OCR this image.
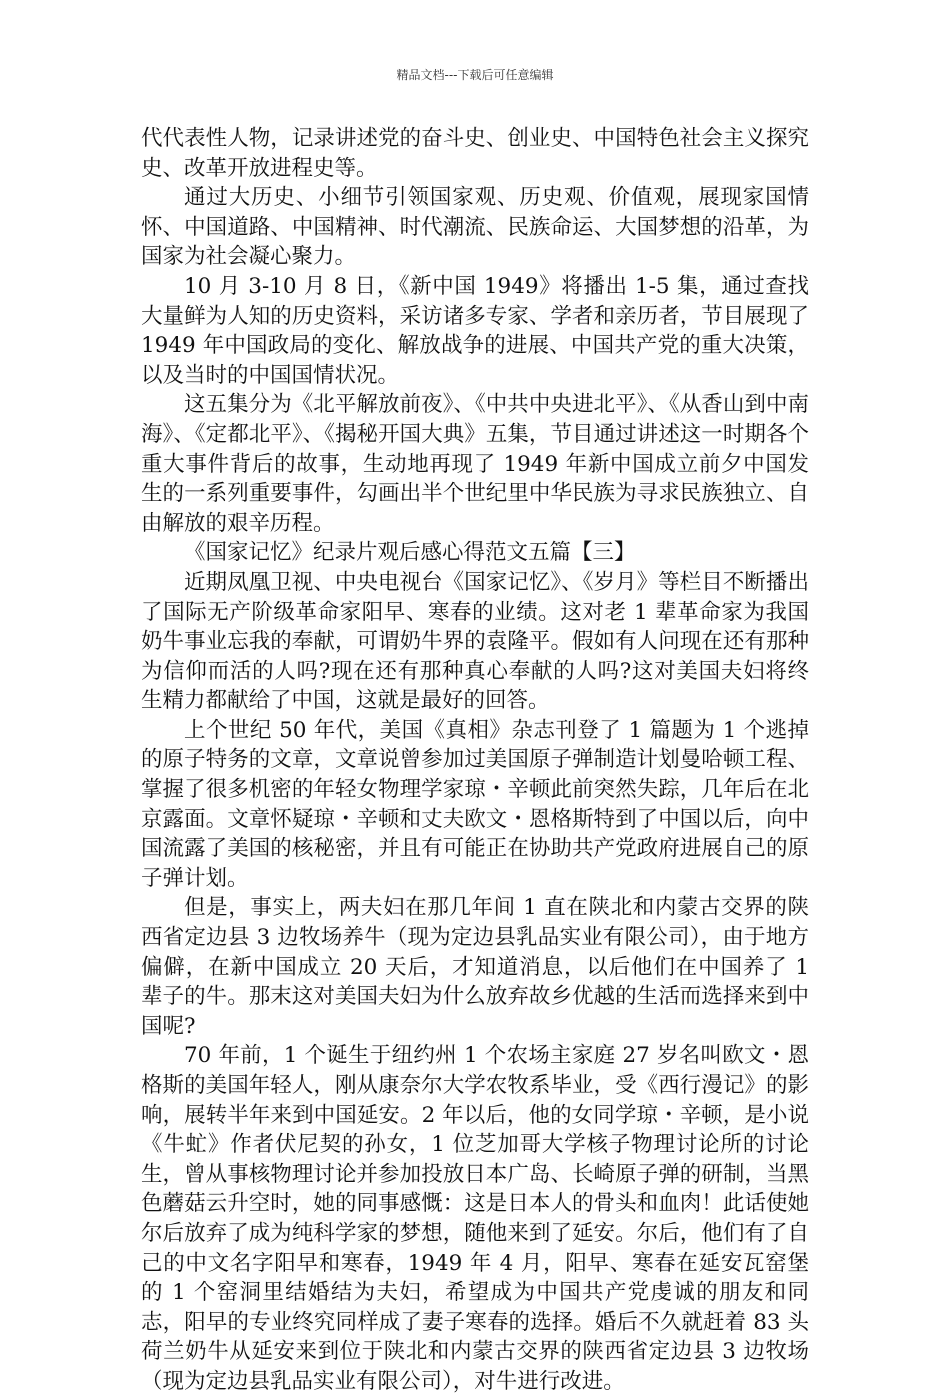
精品文档---下载后可任意编辑

代代表性人物，记录讲述党的奋斗史、创业史、中国特色社会主义探究史、改革开放进程史等。

通过大历史、小细节引领国家观、历史观、价值观，展现家国情怀、中国道路、中国精神、时代潮流、民族命运、大国梦想的沿革，为国家为社会凝心聚力。

10 月 3-10 月 8 日，《新中国 1949》将播出 1-5 集，通过查找大量鲜为人知的历史资料，采访诸多专家、学者和亲历者，节目展现了 1949 年中国政局的变化、解放战争的进展、中国共产党的重大决策，以及当时的中国国情状况。

这五集分为《北平解放前夜》、《中共中央进北平》、《从香山到中南海》、《定都北平》、《揭秘开国大典》五集，节目通过讲述这一时期各个重大事件背后的故事，生动地再现了 1949 年新中国成立前夕中国发生的一系列重要事件，勾画出半个世纪里中华民族为寻求民族独立、自由解放的艰辛历程。

《国家记忆》纪录片观后感心得范文五篇【三】

近期凤凰卫视、中央电视台《国家记忆》、《岁月》等栏目不断播出了国际无产阶级革命家阳早、寒春的业绩。这对老 1 辈革命家为我国奶牛事业忘我的奉献，可谓奶牛界的袁隆平。假如有人问现在还有那种为信仰而活的人吗?现在还有那种真心奉献的人吗?这对美国夫妇将终生精力都献给了中国，这就是最好的回答。

上个世纪 50 年代，美国《真相》杂志刊登了 1 篇题为 1 个逃掉的原子特务的文章，文章说曾参加过美国原子弹制造计划曼哈顿工程、掌握了很多机密的年轻女物理学家琼・辛顿此前突然失踪，几年后在北京露面。文章怀疑琼・辛顿和丈夫欧文・恩格斯特到了中国以后，向中国流露了美国的核秘密，并且有可能正在协助共产党政府进展自己的原子弹计划。

但是，事实上，两夫妇在那几年间 1 直在陕北和内蒙古交界的陕西省定边县 3 边牧场养牛（现为定边县乳品实业有限公司），由于地方偏僻，在新中国成立 20 天后，才知道消息，以后他们在中国养了 1 辈子的牛。那末这对美国夫妇为什么放弃故乡优越的生活而选择来到中国呢?

70 年前，1 个诞生于纽约州 1 个农场主家庭 27 岁名叫欧文・恩格斯的美国年轻人，刚从康奈尔大学农牧系毕业，受《西行漫记》的影响，展转半年来到中国延安。2 年以后，他的女同学琼・辛顿，是小说《牛虻》作者伏尼契的孙女，1 位芝加哥大学核子物理讨论所的讨论生，曾从事核物理讨论并参加投放日本广岛、长崎原子弹的研制，当黑色蘑菇云升空时，她的同事感慨：这是日本人的骨头和血肉！此话使她尔后放弃了成为纯科学家的梦想，随他来到了延安。尔后，他们有了自己的中文名字阳早和寒春，1949 年 4 月，阳早、寒春在延安瓦窑堡的 1 个窑洞里结婚结为夫妇，希望成为中国共产党虔诚的朋友和同志，阳早的专业终究同样成了妻子寒春的选择。婚后不久就赶着 83 头荷兰奶牛从延安来到位于陕北和内蒙古交界的陕西省定边县 3 边牧场（现为定边县乳品实业有限公司），对牛进行改进。
